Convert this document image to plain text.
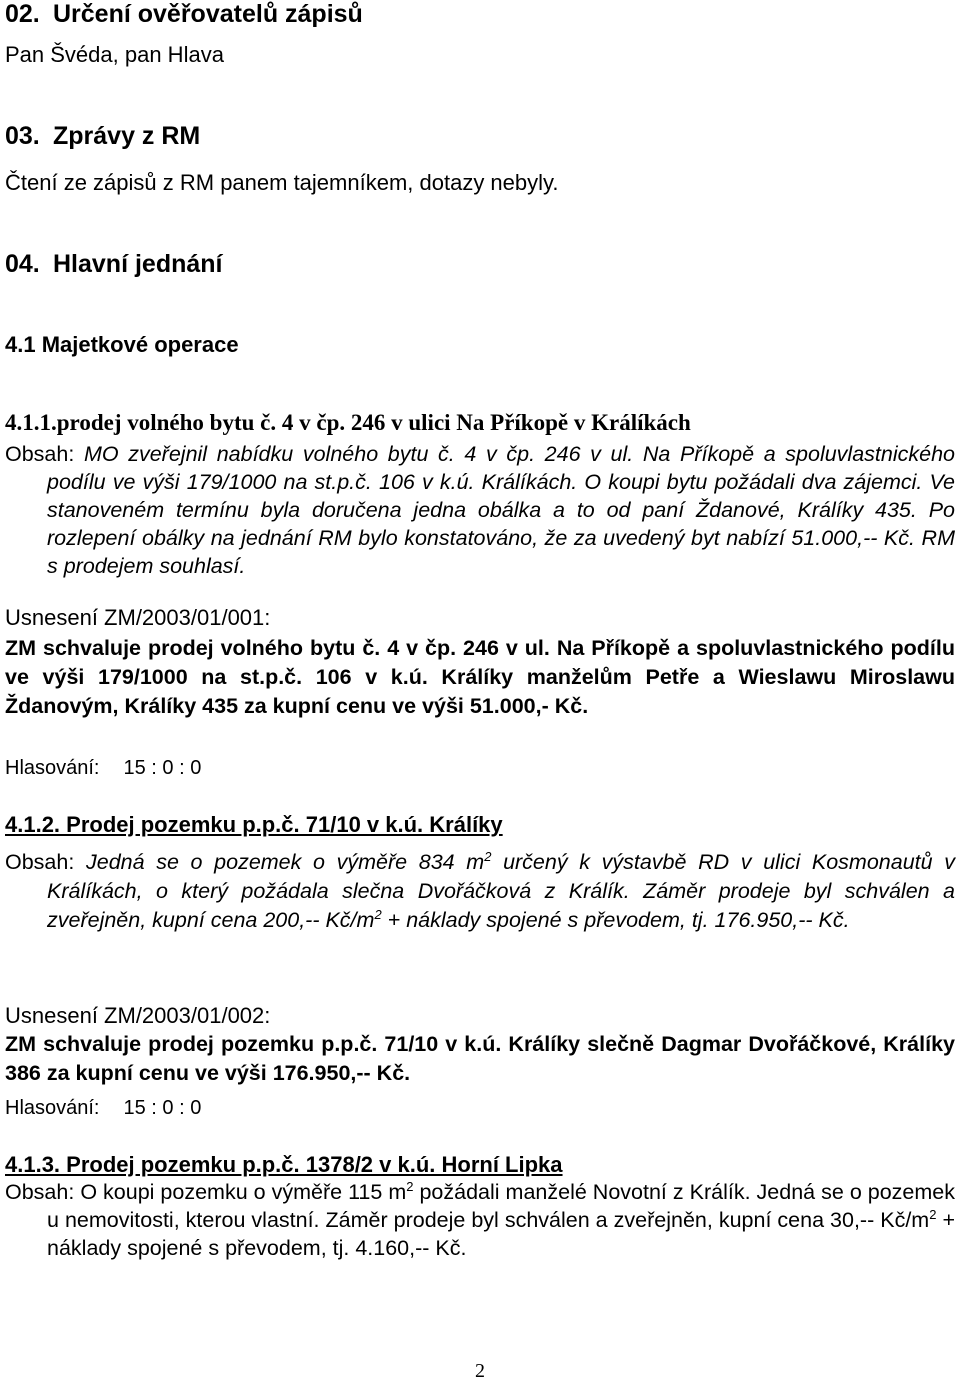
02. Určení ověřovatelů zápisů
Pan Švéda, pan Hlava
03. Zprávy z RM
Čtení ze zápisů z RM panem tajemníkem, dotazy nebyly.
04. Hlavní jednání
4.1 Majetkové operace
4.1.1.prodej volného bytu č. 4 v čp. 246 v ulici Na Příkopě v Králíkách

Obsah: MO zveřejnil nabídku volného bytu č. 4 v čp. 246 v ul. Na Příkopě a spoluvlastnického podílu ve výši 179/1000 na st.p.č. 106 v k.ú. Králíkách. O koupi bytu požádali dva zájemci. Ve stanoveném termínu byla doručena jedna obálka a to od paní Ždanové, Králíky 435. Po rozlepení obálky na jednání RM bylo konstatováno, že za uvedený byt nabízí 51.000,-- Kč. RM s prodejem souhlasí.

Usnesení ZM/2003/01/001:

ZM schvaluje prodej volného bytu č. 4 v čp. 246 v ul. Na Příkopě a spoluvlastnického podílu ve výši 179/1000 na st.p.č. 106 v k.ú. Králíky manželům Petře a Wieslawu Miroslawu Ždanovým, Králíky 435 za kupní cenu ve výši 51.000,- Kč.

Hlasování: 15 : 0 : 0
4.1.2. Prodej pozemku p.p.č. 71/10 v k.ú. Králíky

Obsah: Jedná se o pozemek o výměře 834 $m^2$ určený k výstavbě RD v ulici Kosmonautů v Králíkách, o který požádala slečna Dvořáčková z Králík. Záměr prodeje byl schválen a zveřejněn, kupní cena 200,-- $Kč/m^2$ + náklady spojené s převodem, tj. 176.950,-- Kč.

Usnesení ZM/2003/01/002:

ZM schvaluje prodej pozemku p.p.č. 71/10 v k.ú. Králíky slečně Dagmar Dvořáčkové, Králíky 386 za kupní cenu ve výši 176.950,-- Kč.

Hlasování: 15 : 0 : 0
4.1.3. Prodej pozemku p.p.č. 1378/2 v k.ú. Horní Lipka

Obsah: O koupi pozemku o výměře 115 $m^2$ požádali manželé Novotní z Králík. Jedná se o pozemek u nemovitosti, kterou vlastní. Záměr prodeje byl schválen a zveřejněn, kupní cena 30,-- $Kč/m^2$ + náklady spojené s převodem, tj. 4.160,-- Kč.

2
